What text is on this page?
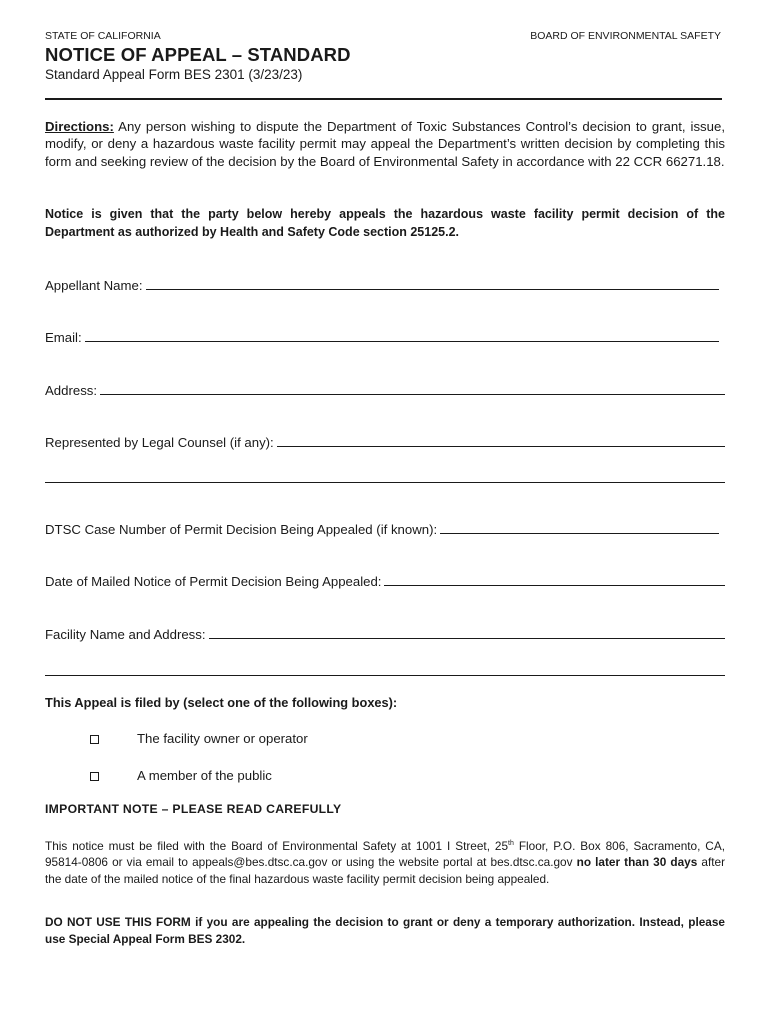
STATE OF CALIFORNIA	BOARD OF ENVIRONMENTAL SAFETY
NOTICE OF APPEAL – STANDARD
Standard Appeal Form BES 2301 (3/23/23)
Directions: Any person wishing to dispute the Department of Toxic Substances Control’s decision to grant, issue, modify, or deny a hazardous waste facility permit may appeal the Department’s written decision by completing this form and seeking review of the decision by the Board of Environmental Safety in accordance with 22 CCR 66271.18.
Notice is given that the party below hereby appeals the hazardous waste facility permit decision of the Department as authorized by Health and Safety Code section 25125.2.
Appellant Name:
Email:
Address:
Represented by Legal Counsel (if any):
DTSC Case Number of Permit Decision Being Appealed (if known):
Date of Mailed Notice of Permit Decision Being Appealed:
Facility Name and Address:
This Appeal is filed by (select one of the following boxes):
The facility owner or operator
A member of the public
IMPORTANT NOTE – PLEASE READ CAREFULLY
This notice must be filed with the Board of Environmental Safety at 1001 I Street, 25th Floor, P.O. Box 806, Sacramento, CA, 95814-0806 or via email to appeals@bes.dtsc.ca.gov or using the website portal at bes.dtsc.ca.gov no later than 30 days after the date of the mailed notice of the final hazardous waste facility permit decision being appealed.
DO NOT USE THIS FORM if you are appealing the decision to grant or deny a temporary authorization. Instead, please use Special Appeal Form BES 2302.
